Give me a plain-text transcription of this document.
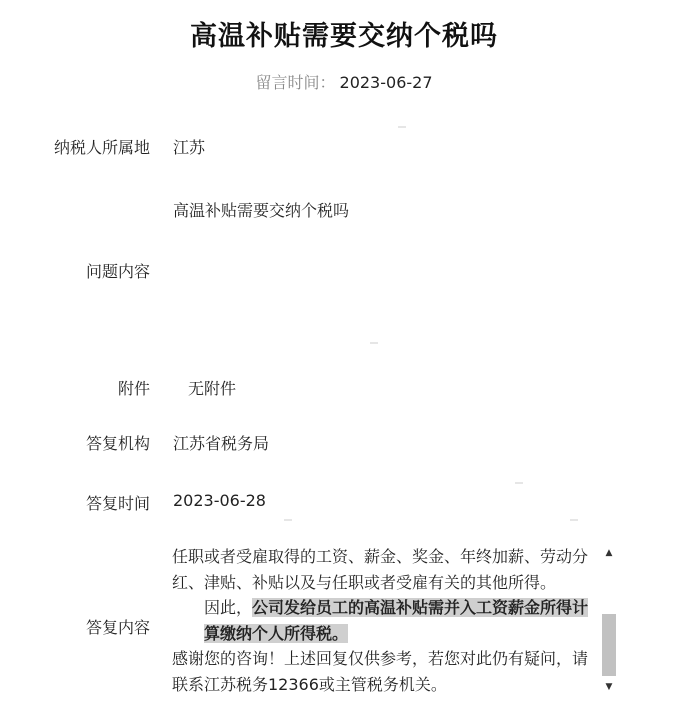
高温补贴需要交纳个税吗
留言时间： 2023-06-27
纳税人所属地 江苏
高温补贴需要交纳个税吗
问题内容
附件 无附件
答复机构 江苏省税务局
答复时间 2023-06-28
答复内容

任职或者受雇取得的工资、薪金、奖金、年终加薪、劳动分红、津贴、补贴以及与任职或者受雇有关的其他所得。

因此，公司发给员工的高温补贴需并入工资薪金所得计算缴纳个人所得税。

感谢您的咨询！上述回复仅供参考，若您对此仍有疑问，请联系江苏税务12366或主管税务机关。

▲
▼
